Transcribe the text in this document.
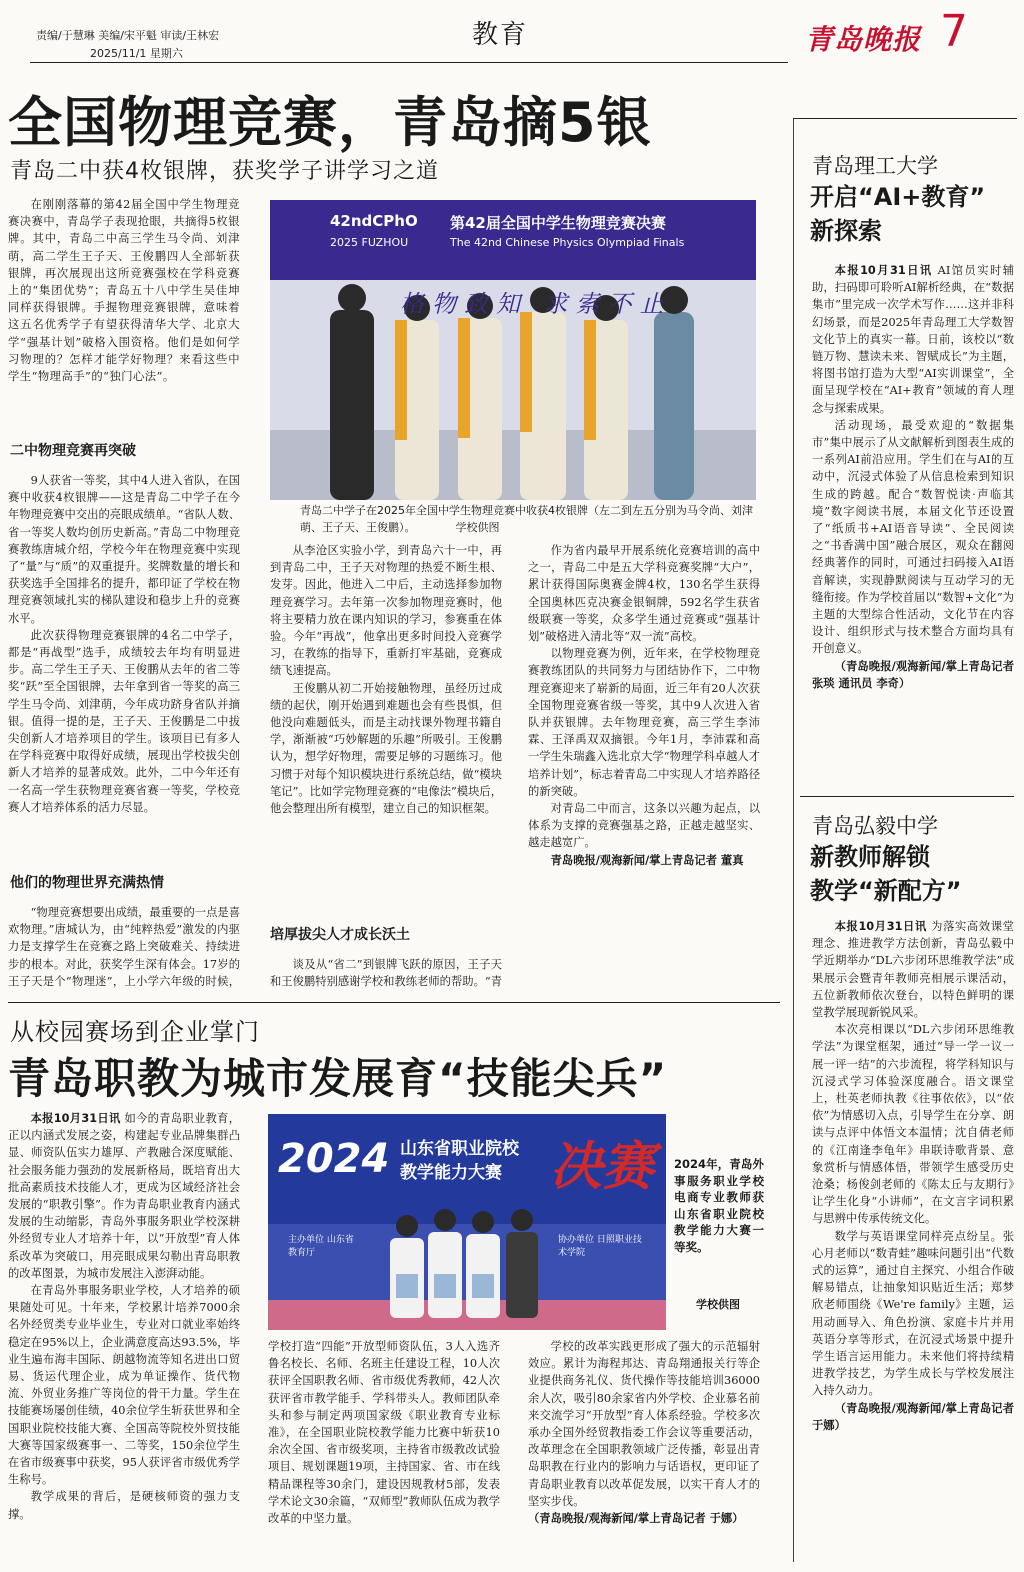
责编/于慧琳 美编/宋平魁 审读/王林宏
2025/11/1 星期六
教育	青岛晚报 7
全国物理竞赛，青岛摘5银
青岛二中获4枚银牌，获奖学子讲学习之道

在刚刚落幕的第42届全国中学生物理竞赛决赛中，青岛学子表现抢眼，共摘得5枚银牌。其中，青岛二中高三学生马令尚、刘津萌，高二学生王子天、王俊鹏四人全部斩获银牌，再次展现出这所竞赛强校在学科竞赛上的“集团优势”；青岛五十八中学生吴佳坤同样获得银牌。手握物理竞赛银牌，意味着这五名优秀学子有望获得清华大学、北京大学“强基计划”破格入围资格。他们是如何学习物理的？怎样才能学好物理？来看这些中学生“物理高手”的“独门心法”。

二中物理竞赛再突破

9人获省一等奖，其中4人进入省队，在国赛中收获4枚银牌——这是青岛二中学子在今年物理竞赛中交出的亮眼成绩单。“省队人数、省一等奖人数均创历史新高。”青岛二中物理竞赛教练唐城介绍，学校今年在物理竞赛中实现了“量”与“质”的双重提升。奖牌数量的增长和获奖选手全国排名的提升，都印证了学校在物理竞赛领域扎实的梯队建设和稳步上升的竞赛水平。

此次获得物理竞赛银牌的4名二中学子，都是“再战型”选手，成绩较去年均有明显进步。高二学生王子天、王俊鹏从去年的省二等奖“跃”至全国银牌，去年拿到省一等奖的高三学生马令尚、刘津萌，今年成功跻身省队并摘银。值得一提的是，王子天、王俊鹏是二中拔尖创新人才培养项目的学生。该项目已有多人在学科竞赛中取得好成绩，展现出学校拔尖创新人才培养的显著成效。此外，二中今年还有一名高一学生获物理竞赛省赛一等奖，学校竞赛人才培养体系的活力尽显。

他们的物理世界充满热情

“物理竞赛想要出成绩，最重要的一点是喜欢物理。”唐城认为，由“纯粹热爱”激发的内驱力是支撑学生在竞赛之路上突破难关、持续进步的根本。对此，获奖学生深有体会。17岁的王子天是个“物理迷”，上小学六年级的时候，

42ndCPhO 第42届全国中学生物理竞赛决赛
2025 FUZHOU	The 42nd Chinese Physics Olympiad Finals
格物致知 求索不止
青岛二中学子在2025年全国中学生物理竞赛中收获4枚银牌（左二到左五分别为马令尚、刘津萌、王子天、王俊鹏）。	学校供图

从李沧区实验小学，到青岛六十一中，再到青岛二中，王子天对物理的热爱不断生根、发芽。因此，他进入二中后，主动选择参加物理竞赛学习。去年第一次参加物理竞赛时，他将主要精力放在课内知识的学习，参赛重在体验。今年“再战”，他拿出更多时间投入竞赛学习，在教练的指导下，重新打牢基础，竞赛成绩飞速提高。

王俊鹏从初二开始接触物理，虽经历过成绩的起伏，刚开始遇到难题也会有些畏惧，但他没向难题低头，而是主动找课外物理书籍自学，渐渐被“巧妙解题的乐趣”所吸引。王俊鹏认为，想学好物理，需要足够的习题练习。他习惯于对每个知识模块进行系统总结，做“模块笔记”。比如学完物理竞赛的“电像法”模块后，他会整理出所有模型，建立自己的知识框架。

培厚拔尖人才成长沃土

谈及从“省二”到银牌飞跃的原因，王子天和王俊鹏特别感谢学校和教练老师的帮助。“青

作为省内最早开展系统化竞赛培训的高中之一，青岛二中是五大学科竞赛奖牌“大户”，累计获得国际奥赛金牌4枚，130名学生获得全国奥林匹克决赛金银铜牌，592名学生获省级联赛一等奖，众多学生通过竞赛或“强基计划”破格进入清北等“双一流”高校。

以物理竞赛为例，近年来，在学校物理竞赛教练团队的共同努力与团结协作下，二中物理竞赛迎来了崭新的局面，近三年有20人次获全国物理竞赛省级一等奖，其中9人次进入省队并获银牌。去年物理竞赛，高三学生李沛霖、王泽禹双双摘银。今年1月，李沛霖和高一学生朱瑞鑫入选北京大学“物理学科卓越人才培养计划”，标志着青岛二中实现人才培养路径的新突破。

对青岛二中而言，这条以兴趣为起点，以体系为支撑的竞赛强基之路，正越走越坚实、越走越宽广。

青岛晚报/观海新闻/掌上青岛记者 董真

从校园赛场到企业掌门
青岛职教为城市发展育“技能尖兵”

本报10月31日讯 如今的青岛职业教育，正以内涵式发展之姿，构建起专业品牌集群凸显、师资队伍实力雄厚、产教融合深度赋能、社会服务能力强劲的发展新格局，既培育出大批高素质技术技能人才，更成为区域经济社会发展的“职教引擎”。作为青岛职业教育内涵式发展的生动缩影，青岛外事服务职业学校深耕外经贸专业人才培养十年，以“开放型”育人体系改革为突破口，用亮眼成果勾勒出青岛职教的改革图景，为城市发展注入澎湃动能。

在青岛外事服务职业学校，人才培养的硕果随处可见。十年来，学校累计培养7000余名外经贸类专业毕业生，专业对口就业率始终稳定在95%以上，企业满意度高达93.5%，毕业生遍布海丰国际、朗越物流等知名进出口贸易、货运代理企业，成为单证操作、货代物流、外贸业务推广等岗位的骨干力量。学生在技能赛场屡创佳绩，40余位学生斩获世界和全国职业院校技能大赛、全国高等院校外贸技能大赛等国家级赛事一、二等奖，150余位学生在省市级赛事中获奖，95人获评省市级优秀学生称号。

教学成果的背后，是硬核师资的强力支撑。

2024 山东省职业院校
教学能力大赛 决赛
主办单位 山东省教育厅
协办单位 日照职业技术学院
2024年，青岛外事服务职业学校电商专业教师获山东省职业院校教学能力大赛一等奖。
学校供图

学校打造“四能”开放型师资队伍，3人入选齐鲁名校长、名师、名班主任建设工程，10人次获评全国职教名师、省市级优秀教师，42人次获评省市教学能手、学科带头人。教师团队牵头和参与制定两项国家级《职业教育专业标准》，在全国职业院校教学能力比赛中斩获10余次全国、省市级奖项，主持省市级教改试验项目、规划课题19项，主持国家、省、市在线精品课程等30余门，建设因规教材5部，发表学术论文30余篇，“双师型”教师队伍成为教学改革的中坚力量。

学校的改革实践更形成了强大的示范辐射效应。累计为海程邦达、青岛翔通报关行等企业提供商务礼仪、货代操作等技能培训36000余人次，吸引80余家省内外学校、企业慕名前来交流学习“开放型”育人体系经验。学校多次承办全国外经贸教指委工作会议等重要活动，改革理念在全国职教领域广泛传播，彰显出青岛职教在行业内的影响力与话语权，更印证了青岛职业教育以改革促发展，以实干育人才的坚实步伐。

（青岛晚报/观海新闻/掌上青岛记者 于娜）

青岛理工大学
开启“AI+教育”
新探索

本报10月31日讯 AI馆员实时辅助，扫码即可聆听AI解析经典，在“数据集市”里完成一次学术写作……这并非科幻场景，而是2025年青岛理工大学数智文化节上的真实一幕。日前，该校以“数链万物、慧读未来、智赋成长”为主题，将图书馆打造为大型“AI实训课堂”，全面呈现学校在“AI+教育”领域的育人理念与探索成果。

活动现场，最受欢迎的“数据集市”集中展示了从文献解析到图表生成的一系列AI前沿应用。学生们在与AI的互动中，沉浸式体验了从信息检索到知识生成的跨越。配合“数智悦读·声临其境”数字阅读书展，本届文化节还设置了“纸质书+AI语音导读”、全民阅读之“书香满中国”融合展区，观众在翻阅经典著作的同时，可通过扫码接入AI语音解读，实现静默阅读与互动学习的无缝衔接。作为学校首届以“数智+文化”为主题的大型综合性活动，文化节在内容设计、组织形式与技术整合方面均具有开创意义。

（青岛晚报/观海新闻/掌上青岛记者 张琰 通讯员 李奇）

青岛弘毅中学
新教师解锁
教学“新配方”

本报10月31日讯 为落实高效课堂理念、推进教学方法创新，青岛弘毅中学近期举办“DL六步闭环思维教学法”成果展示会暨青年教师亮相展示课活动，五位新教师依次登台，以特色鲜明的课堂教学展现新锐风采。

本次亮相课以“DL六步闭环思维教学法”为课堂框架，通过“导一学一议一展一评一结”的六步流程，将学科知识与沉浸式学习体验深度融合。语文课堂上，杜英老师执教《往事依依》，以“依依”为情感切入点，引导学生在分享、朗读与点评中体悟文本温情；沈自倩老师的《江南逢李龟年》串联诗歌背景、意象赏析与情感体悟，带领学生感受历史沧桑；杨俊剑老师的《陈太丘与友期行》让学生化身“小讲师”，在文言字词积累与思辨中传承传统文化。

数学与英语课堂同样亮点纷呈。张心月老师以“数青蛙”趣味问题引出“代数式的运算”，通过自主探究、小组合作破解易错点，让抽象知识贴近生活；郑梦欣老师围绕《We're family》主题，运用动画导入、角色扮演、家庭卡片并用英语分享等形式，在沉浸式场景中提升学生语言运用能力。未来他们将持续精进教学技艺，为学生成长与学校发展注入持久动力。

（青岛晚报/观海新闻/掌上青岛记者 于娜）
